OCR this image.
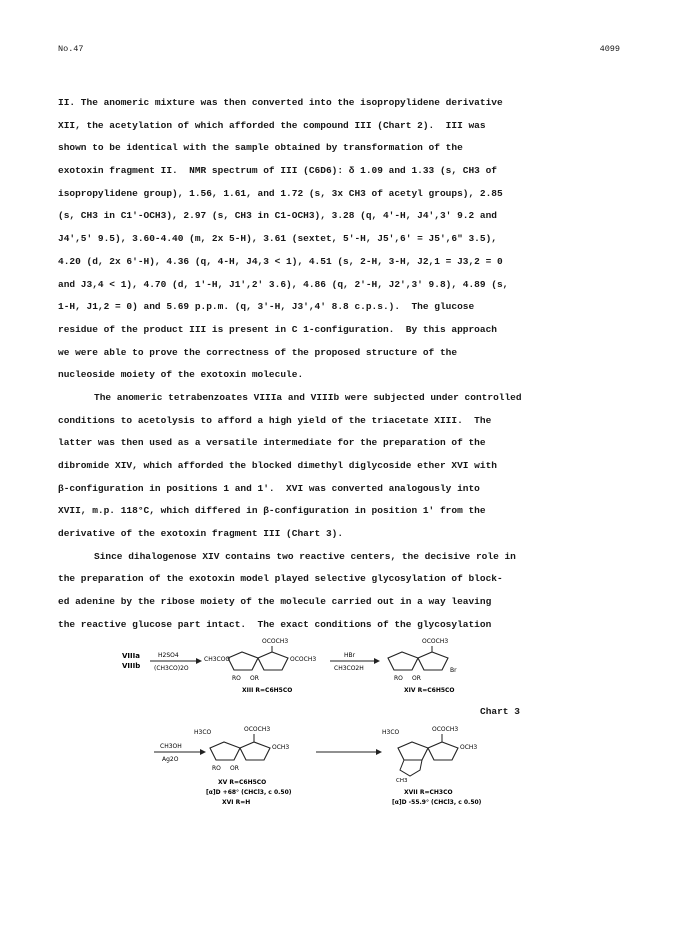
No.47	4099
II. The anomeric mixture was then converted into the isopropylidene derivative
XII, the acetylation of which afforded the compound III (Chart 2).  III was
shown to be identical with the sample obtained by transformation of the
exotoxin fragment II.  NMR spectrum of III (C6D6): δ 1.09 and 1.33 (s, CH3 of
isopropylidene group), 1.56, 1.61, and 1.72 (s, 3x CH3 of acetyl groups), 2.85
(s, CH3 in C1'-OCH3), 2.97 (s, CH3 in C1-OCH3), 3.28 (q, 4'-H, J4',3' 9.2 and
J4',5' 9.5), 3.60-4.40 (m, 2x 5-H), 3.61 (sextet, 5'-H, J5',6' = J5',6" 3.5),
4.20 (d, 2x 6'-H), 4.36 (q, 4-H, J4,3 < 1), 4.51 (s, 2-H, 3-H, J2,1 = J3,2 = 0
and J3,4 < 1), 4.70 (d, 1'-H, J1',2' 3.6), 4.86 (q, 2'-H, J2',3' 9.8), 4.89 (s,
1-H, J1,2 = 0) and 5.69 p.p.m. (q, 3'-H, J3',4' 8.8 c.p.s.).  The glucose
residue of the product III is present in C 1-configuration.  By this approach
we were able to prove the correctness of the proposed structure of the
nucleoside moiety of the exotoxin molecule.
The anomeric tetrabenzoates VIIIa and VIIIb were subjected under controlled
conditions to acetolysis to afford a high yield of the triacetate XIII.  The
latter was then used as a versatile intermediate for the preparation of the
dibromide XIV, which afforded the blocked dimethyl diglycoside ether XVI with
β-configuration in positions 1 and 1'.  XVI was converted analogously into
XVII, m.p. 118°C, which differed in β-configuration in position 1' from the
derivative of the exotoxin fragment III (Chart 3).
Since dihalogenose XIV contains two reactive centers, the decisive role in
the preparation of the exotoxin model played selective glycosylation of block-
ed adenine by the ribose moiety of the molecule carried out in a way leaving
the reactive glucose part intact.  The exact conditions of the glycosylation
VIIIa
VIIIb
H2SO4
(CH3CO)2O
CH3COO
OCOCH3
OCOCH3
RO OR
XIII R=C6H5CO
HBr
CH3CO2H
OCOCH3
Br
RO OR
XIV R=C6H5CO
CH3OH
Ag2O
H3CO	OCOCH3
OCH3
RO OR
XV R=C6H5CO
[α]D +68° (CHCl3, c 0.50)
XVI R=H
H3CO	OCOCH3
OCH3
CH3
XVII R=CH3CO
[α]D -55.9° (CHCl3, c 0.50)
Chart 3
